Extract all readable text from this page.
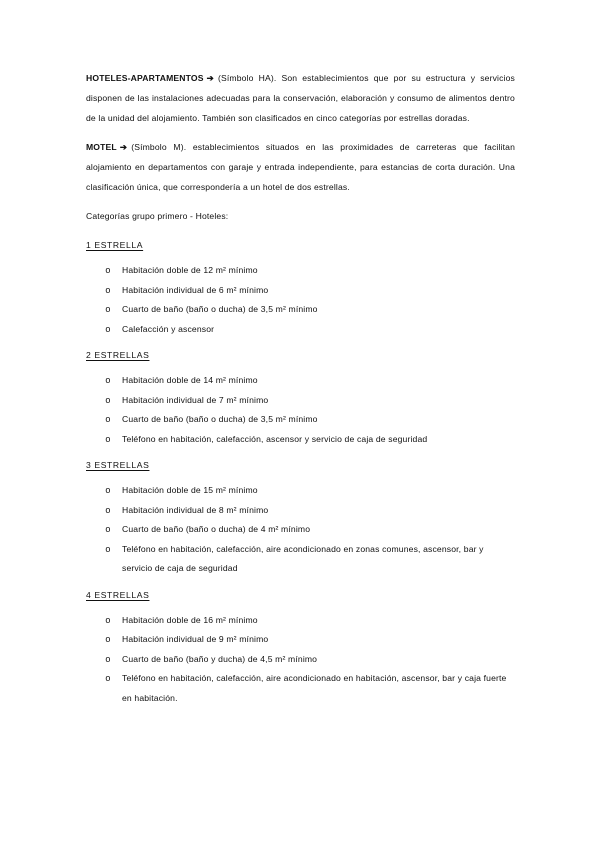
HOTELES-APARTAMENTOS ➔ (Símbolo HA). Son establecimientos que por su estructura y servicios disponen de las instalaciones adecuadas para la conservación, elaboración y consumo de alimentos dentro de la unidad del alojamiento. También son clasificados en cinco categorías por estrellas doradas.

MOTEL ➔ (Símbolo M). establecimientos situados en las proximidades de carreteras que facilitan alojamiento en departamentos con garaje y entrada independiente, para estancias de corta duración. Una clasificación única, que correspondería a un hotel de dos estrellas.

Categorías grupo primero - Hoteles:

1 ESTRELLA
o Habitación doble de 12 m² mínimo
o Habitación individual de 6 m² mínimo
o Cuarto de baño (baño o ducha) de 3,5 m² mínimo
o Calefacción y ascensor
2 ESTRELLAS
o Habitación doble de 14 m² mínimo
o Habitación individual de 7 m² mínimo
o Cuarto de baño (baño o ducha) de 3,5 m² mínimo
o Teléfono en habitación, calefacción, ascensor y servicio de caja de seguridad
3 ESTRELLAS
o Habitación doble de 15 m² mínimo
o Habitación individual de 8 m² mínimo
o Cuarto de baño (baño o ducha) de 4 m² mínimo
o Teléfono en habitación, calefacción, aire acondicionado en zonas comunes, ascensor, bar y servicio de caja de seguridad
4 ESTRELLAS
o Habitación doble de 16 m² mínimo
o Habitación individual de 9 m² mínimo
o Cuarto de baño (baño y ducha) de 4,5 m² mínimo
o Teléfono en habitación, calefacción, aire acondicionado en habitación, ascensor, bar y caja fuerte en habitación.
